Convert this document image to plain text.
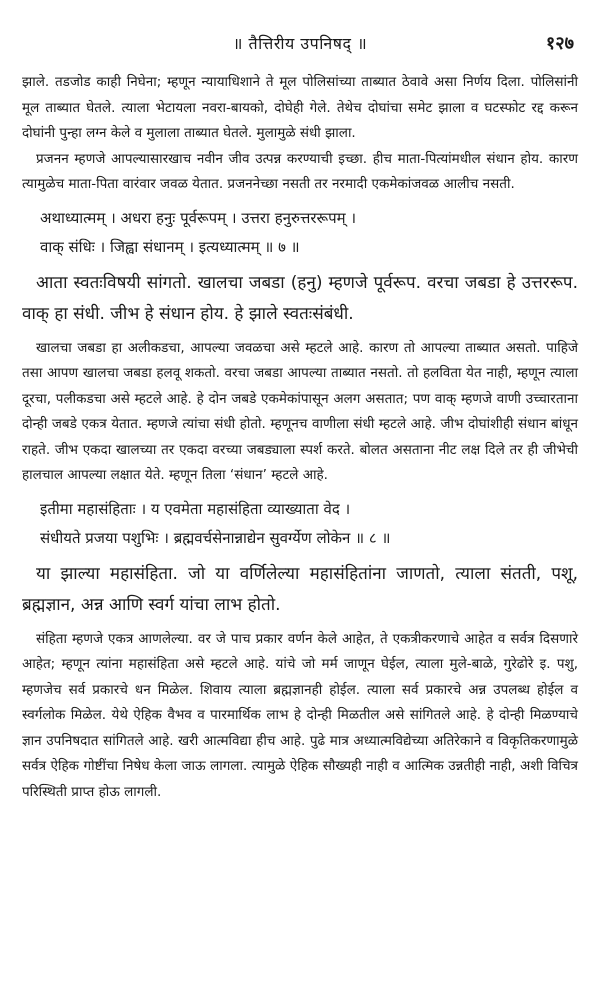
॥ तैत्तिरीय उपनिषद् ॥	१२७

झाले. तडजोड काही निघेना; म्हणून न्यायाधिशाने ते मूल पोलिसांच्या ताब्यात ठेवावे असा निर्णय दिला. पोलिसांनी मूल ताब्यात घेतले. त्याला भेटायला नवरा-बायको, दोघेही गेले. तेथेच दोघांचा समेट झाला व घटस्फोट रद्द करून दोघांनी पुन्हा लग्न केले व मुलाला ताब्यात घेतले. मुलामुळे संधी झाला.

प्रजनन म्हणजे आपल्यासारखाच नवीन जीव उत्पन्न करण्याची इच्छा. हीच माता-पित्यांमधील संधान होय. कारण त्यामुळेच माता-पिता वारंवार जवळ येतात. प्रजननेच्छा नसती तर नरमादी एकमेकांजवळ आलीच नसती.

अथाध्यात्मम् । अधरा हनुः पूर्वरूपम् । उत्तरा हनुरुत्तररूपम् ।

वाक् संधिः । जिह्वा संधानम् । इत्यध्यात्मम् ॥ ७ ॥

आता स्वतःविषयी सांगतो. खालचा जबडा (हनु) म्हणजे पूर्वरूप. वरचा जबडा हे उत्तररूप. वाक् हा संधी. जीभ हे संधान होय. हे झाले स्वतःसंबंधी.

खालचा जबडा हा अलीकडचा, आपल्या जवळचा असे म्हटले आहे. कारण तो आपल्या ताब्यात असतो. पाहिजे तसा आपण खालचा जबडा हलवू शकतो. वरचा जबडा आपल्या ताब्यात नसतो. तो हलविता येत नाही, म्हणून त्याला दूरचा, पलीकडचा असे म्हटले आहे. हे दोन जबडे एकमेकांपासून अलग असतात; पण वाक् म्हणजे वाणी उच्चारताना दोन्ही जबडे एकत्र येतात. म्हणजे त्यांचा संधी होतो. म्हणूनच वाणीला संधी म्हटले आहे. जीभ दोघांशीही संधान बांधून राहते. जीभ एकदा खालच्या तर एकदा वरच्या जबड्याला स्पर्श करते. बोलत असताना नीट लक्ष दिले तर ही जीभेची हालचाल आपल्या लक्षात येते. म्हणून तिला ‘संधान’ म्हटले आहे.

इतीमा महासंहिताः । य एवमेता महासंहिता व्याख्याता वेद ।

संधीयते प्रजया पशुभिः । ब्रह्मवर्चसेनान्नाद्येन सुवर्ग्येण लोकेन ॥ ८ ॥

या झाल्या महासंहिता. जो या वर्णिलेल्या महासंहितांना जाणतो, त्याला संतती, पशू, ब्रह्मज्ञान, अन्न आणि स्वर्ग यांचा लाभ होतो.

संहिता म्हणजे एकत्र आणलेल्या. वर जे पाच प्रकार वर्णन केले आहेत, ते एकत्रीकरणाचे आहेत व सर्वत्र दिसणारे आहेत; म्हणून त्यांना महासंहिता असे म्हटले आहे. यांचे जो मर्म जाणून घेईल, त्याला मुले-बाळे, गुरेढोरे इ. पशु, म्हणजेच सर्व प्रकारचे धन मिळेल. शिवाय त्याला ब्रह्मज्ञानही होईल. त्याला सर्व प्रकारचे अन्न उपलब्ध होईल व स्वर्गलोक मिळेल. येथे ऐहिक वैभव व पारमार्थिक लाभ हे दोन्ही मिळतील असे सांगितले आहे. हे दोन्ही मिळण्याचे ज्ञान उपनिषदात सांगितले आहे. खरी आत्मविद्या हीच आहे. पुढे मात्र अध्यात्मविद्येच्या अतिरेकाने व विकृतिकरणामुळे सर्वत्र ऐहिक गोष्टींचा निषेध केला जाऊ लागला. त्यामुळे ऐहिक सौख्यही नाही व आत्मिक उन्नतीही नाही, अशी विचित्र परिस्थिती प्राप्त होऊ लागली.
